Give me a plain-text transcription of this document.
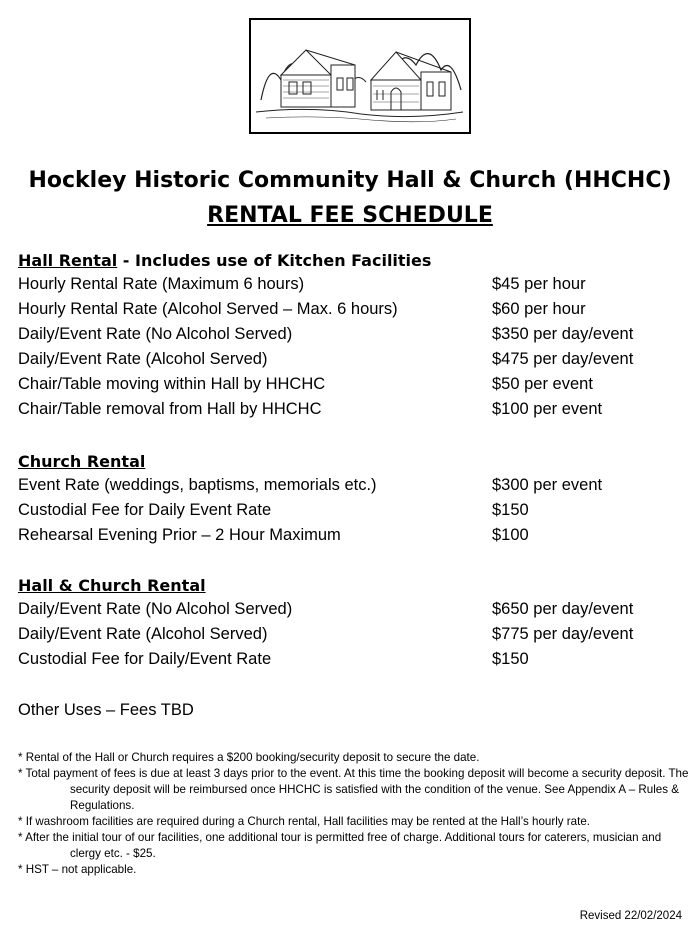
Hockley Historic Community Hall & Church (HHCHC)
RENTAL FEE SCHEDULE
Hall Rental - Includes use of Kitchen Facilities
Hourly Rental Rate (Maximum 6 hours)	$45 per hour
Hourly Rental Rate (Alcohol Served – Max. 6 hours)	$60 per hour
Daily/Event Rate (No Alcohol Served)	$350 per day/event
Daily/Event Rate (Alcohol Served)	$475 per day/event
Chair/Table moving within Hall by HHCHC	$50 per event
Chair/Table removal from Hall by HHCHC	$100 per event
Church Rental
Event Rate (weddings, baptisms, memorials etc.)	$300 per event
Custodial Fee for Daily Event Rate	$150
Rehearsal Evening Prior – 2 Hour Maximum	$100
Hall & Church Rental
Daily/Event Rate (No Alcohol Served)	$650 per day/event
Daily/Event Rate (Alcohol Served)	$775 per day/event
Custodial Fee for Daily/Event Rate	$150
Other Uses – Fees TBD

* Rental of the Hall or Church requires a $200 booking/security deposit to secure the date.

* Total payment of fees is due at least 3 days prior to the event. At this time the booking deposit will become a security deposit. The security deposit will be reimbursed once HHCHC is satisfied with the condition of the venue. See Appendix A – Rules & Regulations.

* If washroom facilities are required during a Church rental, Hall facilities may be rented at the Hall’s hourly rate.

* After the initial tour of our facilities, one additional tour is permitted free of charge. Additional tours for caterers, musician and clergy etc. - $25.

* HST – not applicable.

Revised 22/02/2024
